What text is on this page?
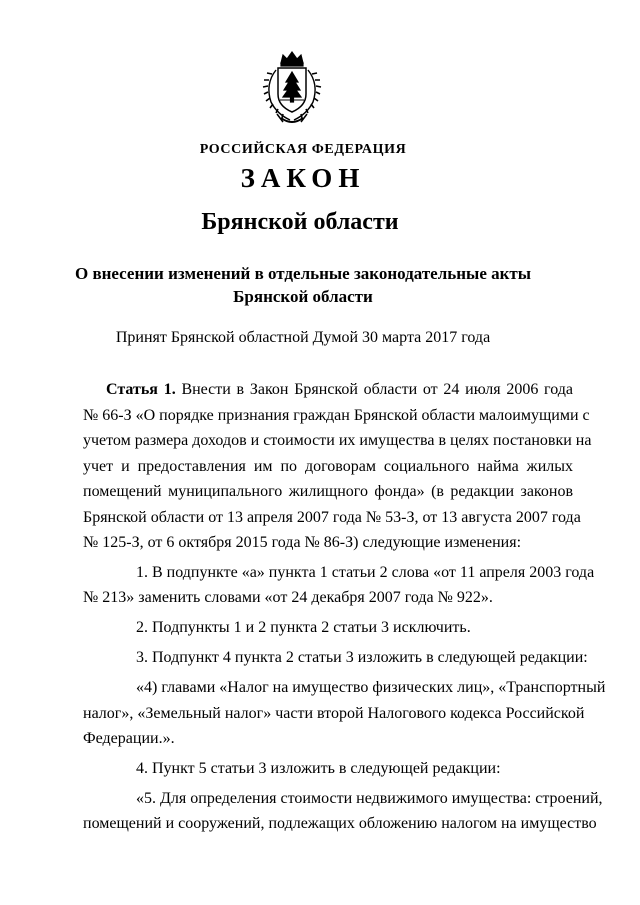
РОССИЙСКАЯ ФЕДЕРАЦИЯ
ЗАКОН
Брянской области
О внесении изменений в отдельные законодательные акты
Брянской области
Принят Брянской областной Думой 30 марта 2017 года
Статья 1. Внести в Закон Брянской области от 24 июля 2006 года
№ 66-З «О порядке признания граждан Брянской области малоимущими с
учетом размера доходов и стоимости их имущества в целях постановки на
учет и предоставления им по договорам социального найма жилых
помещений муниципального жилищного фонда» (в редакции законов
Брянской области от 13 апреля 2007 года № 53-З, от 13 августа 2007 года
№ 125-З, от 6 октября 2015 года № 86-З) следующие изменения:
1. В подпункте «а» пункта 1 статьи 2 слова «от 11 апреля 2003 года
№ 213» заменить словами «от 24 декабря 2007 года № 922».
2. Подпункты 1 и 2 пункта 2 статьи 3 исключить.
3. Подпункт 4 пункта 2 статьи 3 изложить в следующей редакции:
«4) главами «Налог на имущество физических лиц», «Транспортный
налог», «Земельный налог» части второй Налогового кодекса Российской
Федерации.».
4. Пункт 5 статьи 3 изложить в следующей редакции:
«5. Для определения стоимости недвижимого имущества: строений,
помещений и сооружений, подлежащих обложению налогом на имущество
